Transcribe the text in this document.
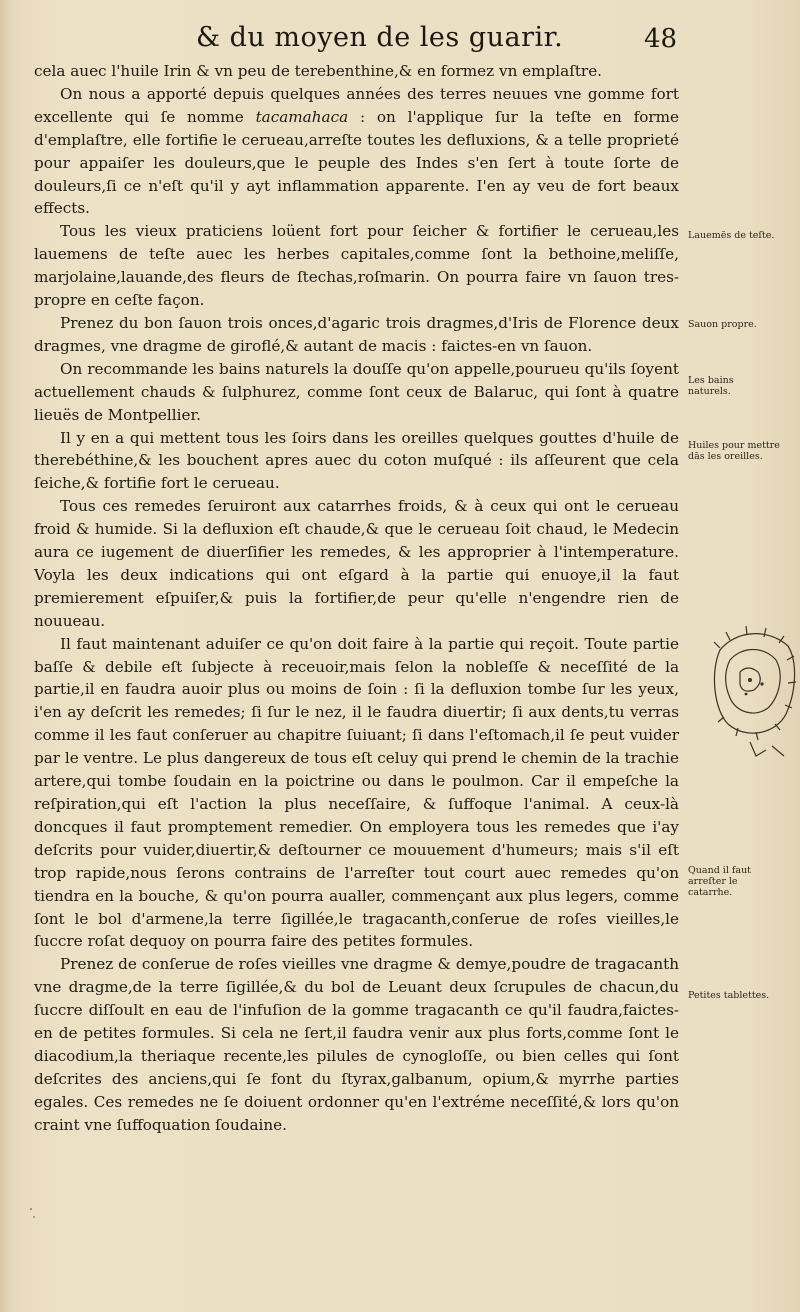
& du moyen de les guarir.	48

cela auec l'huile Irin & vn peu de terebenthine,& en formez vn emplaſtre.

On nous a apporté depuis quelques années des terres neuues vne gomme fort excellente qui ſe nomme tacamahaca : on l'applique ſur la teſte en forme d'emplaſtre, elle fortifie le cerueau,arreſte toutes les defluxions, & a telle proprieté pour appaiſer les douleurs,que le peuple des Indes s'en ſert à toute ſorte de douleurs,ſi ce n'eſt qu'il y ayt inflammation apparente. I'en ay veu de fort beaux effects.

Tous les vieux praticiens loüent fort pour ſeicher & fortifier le cerueau,les lauemens de teſte auec les herbes capitales,comme ſont la bethoine,meliſſe, marjolaine,lauande,des fleurs de ſtechas,roſmarin. On pourra faire vn ſauon tres-propre en ceſte façon.

Prenez du bon ſauon trois onces,d'agaric trois dragmes,d'Iris de Florence deux dragmes, vne dragme de giroflé,& autant de macis : faictes-en vn ſauon.

On recommande les bains naturels la douſſe qu'on appelle,pourueu qu'ils ſoyent actuellement chauds & ſulphurez, comme ſont ceux de Balaruc, qui ſont à quatre lieuës de Montpellier.

Il y en a qui mettent tous les ſoirs dans les oreilles quelques gouttes d'huile de therebéthine,& les bouchent apres auec du coton muſqué : ils aſſeurent que cela ſeiche,& fortifie fort le cerueau.

Tous ces remedes ſeruiront aux catarrhes froids, & à ceux qui ont le cerueau froid & humide. Si la defluxion eſt chaude,& que le cerueau ſoit chaud, le Medecin aura ce iugement de diuerſifier les remedes, & les approprier à l'intemperature. Voyla les deux indications qui ont eſgard à la partie qui enuoye,il la faut premierement eſpuiſer,& puis la fortifier,de peur qu'elle n'engendre rien de nouueau.

Il faut maintenant aduiſer ce qu'on doit faire à la partie qui reçoit. Toute partie baſſe & debile eſt ſubjecte à receuoir,mais ſelon la nobleſſe & neceſſité de la partie,il en faudra auoir plus ou moins de ſoin : ſi la defluxion tombe ſur les yeux, i'en ay deſcrit les remedes; ſi ſur le nez, il le faudra diuertir; ſi aux dents,tu verras comme il les faut conſeruer au chapitre ſuiuant; ſi dans l'eſtomach,il ſe peut vuider par le ventre. Le plus dangereux de tous eſt celuy qui prend le chemin de la trachie artere,qui tombe ſoudain en la poictrine ou dans le poulmon. Car il empeſche la reſpiration,qui eſt l'action la plus neceſſaire, & ſuffoque l'animal. A ceux-là doncques il faut promptement remedier. On employera tous les remedes que i'ay deſcrits pour vuider,diuertir,& deſtourner ce mouuement d'humeurs; mais s'il eſt trop rapide,nous ſerons contrains de l'arreſter tout court auec remedes qu'on tiendra en la bouche, & qu'on pourra aualler, commençant aux plus legers, comme ſont le bol d'armene,la terre ſigillée,le tragacanth,conſerue de roſes vieilles,le ſuccre roſat dequoy on pourra faire des petites formules.

Prenez de conſerue de roſes vieilles vne dragme & demye,poudre de tragacanth vne dragme,de la terre ſigillée,& du bol de Leuant deux ſcrupules de chacun,du ſuccre diſſoult en eau de l'infuſion de la gomme tragacanth ce qu'il faudra,faictes-en de petites formules. Si cela ne ſert,il faudra venir aux plus forts,comme ſont le diacodium,la theriaque recente,les pilules de cynogloſſe, ou bien celles qui ſont deſcrites des anciens,qui ſe font du ſtyrax,galbanum, opium,& myrrhe parties egales. Ces remedes ne ſe doiuent ordonner qu'en l'extréme neceſſité,& lors qu'on craint vne ſuffoquation ſoudaine.

Lauemēs de teſte.
Sauon propre.
Les bains naturels.
Huiles pour mettre dās les oreilles.
Quand il faut arreſter le catarrhe.
Petites tablettes.
